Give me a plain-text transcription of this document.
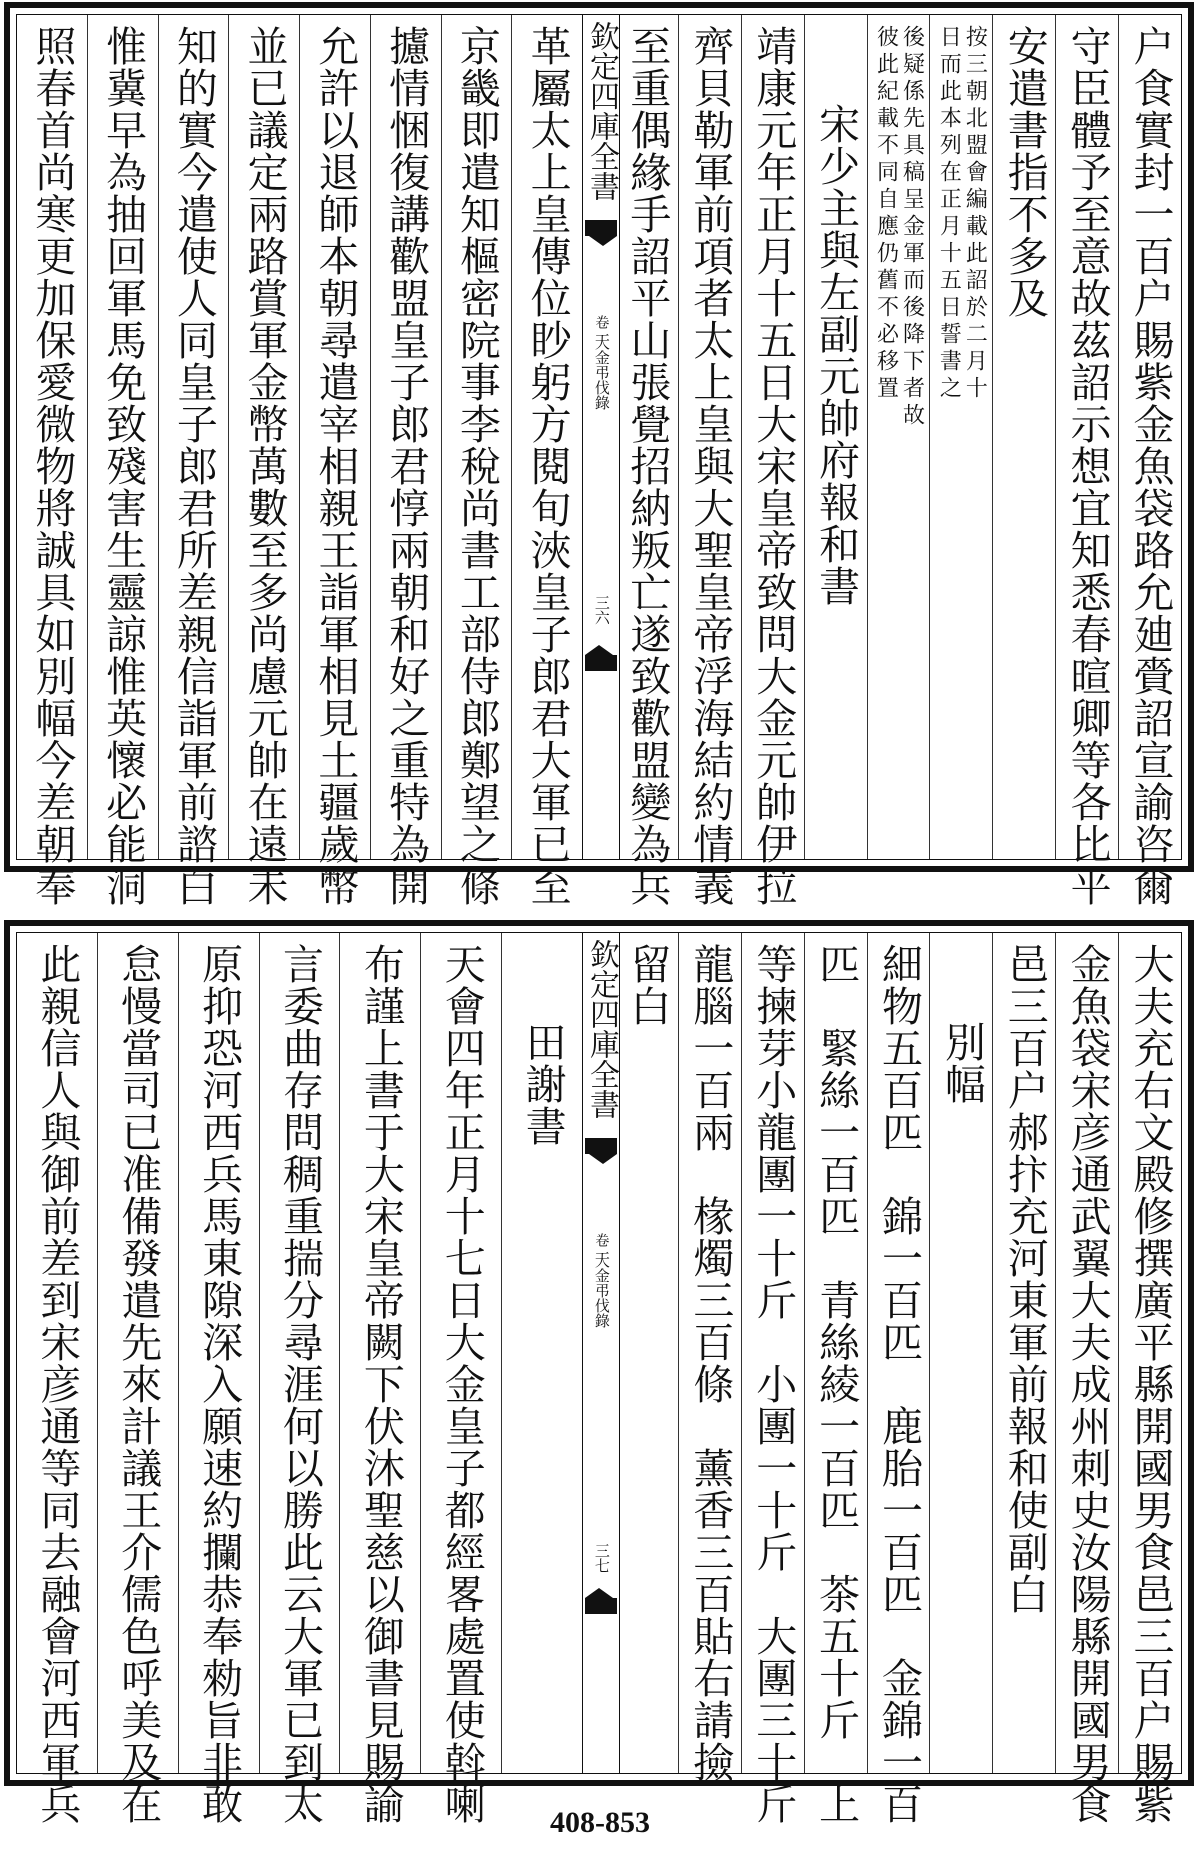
户食實封一百户賜紫金魚袋路允廸賫詔宣諭咨爾
守臣體予至意故茲詔示想宜知悉春暄卿等各比平
安遣書指不多及
按三朝北盟會編載此詔於二月十
日而此本列在正月十五日誓書之
後疑係先具稿呈金軍而後降下者故
彼此紀載不同自應仍舊不必移置
宋少主與左副元帥府報和書
靖康元年正月十五日大宋皇帝致問大金元帥伊拉
齊貝勒軍前項者太上皇與大聖皇帝浮海結約情義
至重偶緣手詔平山張覺招納叛亡遂致歡盟變為兵
欽定四庫全書
卷一
大金弔伐錄
三六
革屬太上皇傳位眇躬方閱旬浹皇子郎君大軍已至
京畿即遣知樞密院事李稅尚書工部侍郎鄭望之條
攄情悃復講歡盟皇子郎君惇兩朝和好之重特為開
允許以退師本朝尋遣宰相親王詣軍相見土疆歲幣
並已議定兩路賞軍金幣萬數至多尚慮元帥在遠未
知的實今遣使人同皇子郎君所差親信詣軍前諮白
惟冀早為抽回軍馬免致殘害生靈諒惟英懷必能洞
照春首尚寒更加保愛微物將誠具如別幅今差朝奉
大夫充右文殿修撰廣平縣開國男食邑三百户賜紫
金魚袋宋彦通武翼大夫成州刺史汝陽縣開國男食
邑三百户郝抃充河東軍前報和使副白
別幅
細物五百匹　錦一百匹　鹿胎一百匹　金錦一百
匹　緊絲一百匹　青絲綾一百匹　茶五十斤　上
等揀芽小龍團一十斤　小團一十斤　大團三十斤
龍腦一百兩　椽燭三百條　薰香三百貼右請撿
留白
欽定四庫全書
卷一
大金弔伐錄
三七
田謝書
天會四年正月十七日大金皇子都經畧處置使斡喇
布謹上書于大宋皇帝闕下伏沐聖慈以御書見賜諭
言委曲存問稠重揣分尋涯何以勝此云大軍已到太
原抑恐河西兵馬東隙深入願速約攔恭奉勑旨非敢
怠慢當司已准備發遣先來計議王介儒色呼美及在
此親信人與御前差到宋彦通等同去融會河西軍兵	408-853
